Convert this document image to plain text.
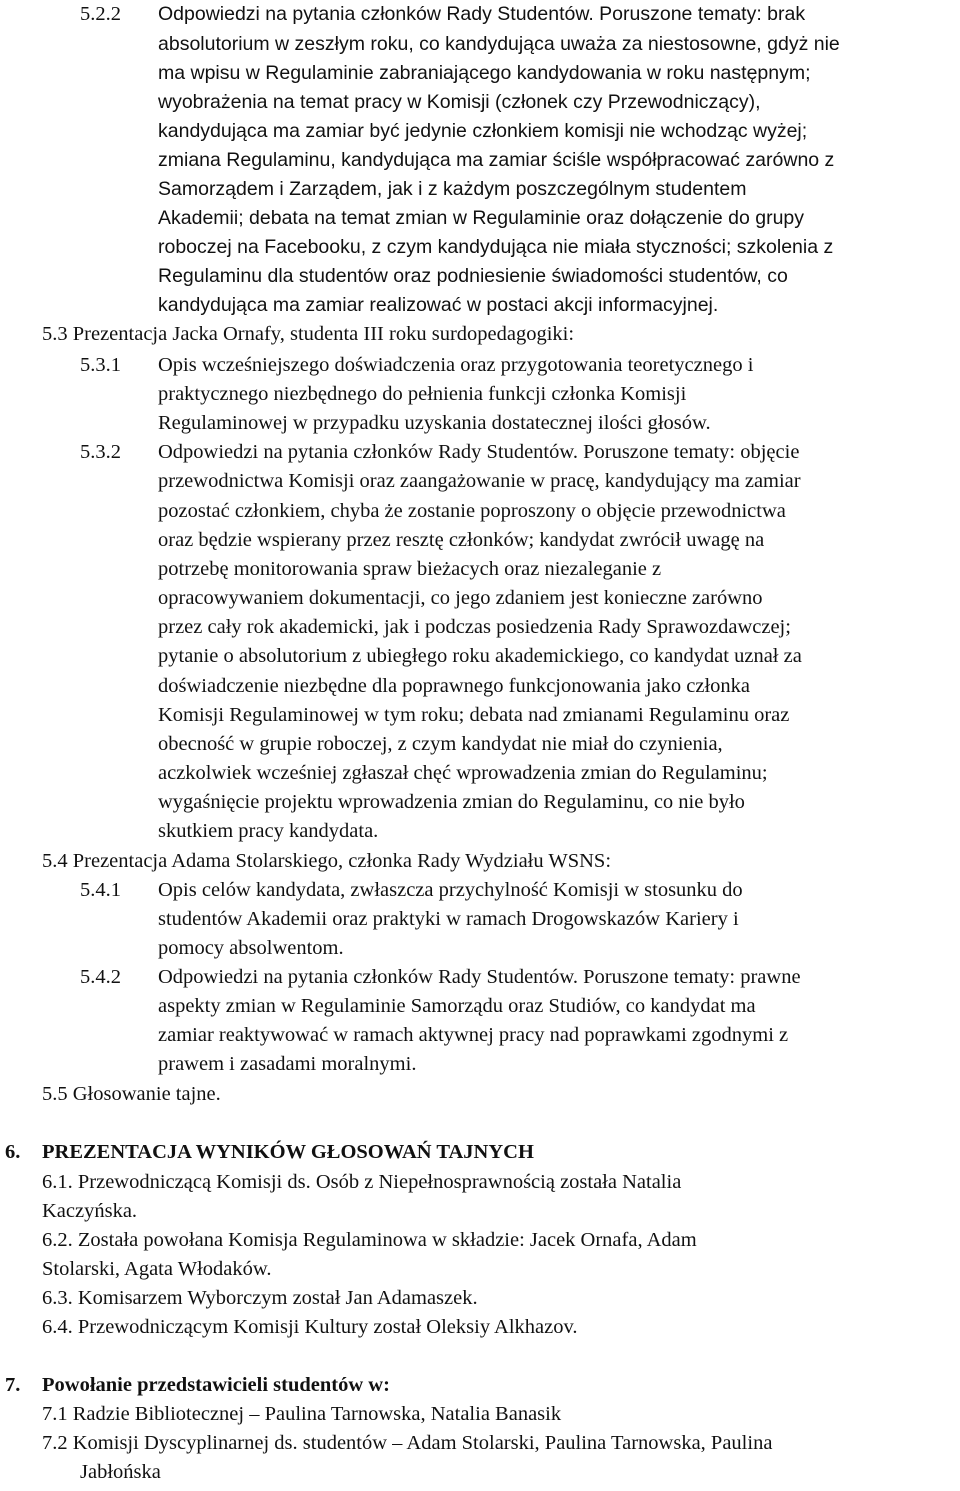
5.2.2 Odpowiedzi na pytania członków Rady Studentów. Poruszone tematy: brak
absolutorium w zeszłym roku, co kandydująca uważa za niestosowne, gdyż nie
ma wpisu w Regulaminie zabraniającego kandydowania w roku następnym;
wyobrażenia na temat pracy w Komisji (członek czy Przewodniczący),
kandydująca ma zamiar być jedynie członkiem komisji nie wchodząc wyżej;
zmiana Regulaminu, kandydująca ma zamiar ściśle współpracować zarówno z
Samorządem i Zarządem, jak i z każdym poszczególnym studentem
Akademii; debata na temat zmian w Regulaminie oraz dołączenie do grupy
roboczej na Facebooku, z czym kandydująca nie miała styczności; szkolenia z
Regulaminu dla studentów oraz podniesienie świadomości studentów, co
kandydująca ma zamiar realizować w postaci akcji informacyjnej.
5.3 Prezentacja Jacka Ornafy, studenta III roku surdopedagogiki:
5.3.1 Opis wcześniejszego doświadczenia oraz przygotowania teoretycznego i
praktycznego niezbędnego do pełnienia funkcji członka Komisji
Regulaminowej w przypadku uzyskania dostatecznej ilości głosów.
5.3.2 Odpowiedzi na pytania członków Rady Studentów. Poruszone tematy: objęcie
przewodnictwa Komisji oraz zaangażowanie w pracę, kandydujący ma zamiar
pozostać członkiem, chyba że zostanie poproszony o objęcie przewodnictwa
oraz będzie wspierany przez resztę członków; kandydat zwrócił uwagę na
potrzebę monitorowania spraw bieżacych oraz niezaleganie z
opracowywaniem dokumentacji, co jego zdaniem jest konieczne zarówno
przez cały rok akademicki, jak i podczas posiedzenia Rady Sprawozdawczej;
pytanie o absolutorium z ubiegłego roku akademickiego, co kandydat uznał za
doświadczenie niezbędne dla poprawnego funkcjonowania jako członka
Komisji Regulaminowej w tym roku; debata nad zmianami Regulaminu oraz
obecność w grupie roboczej, z czym kandydat nie miał do czynienia,
aczkolwiek wcześniej zgłaszał chęć wprowadzenia zmian do Regulaminu;
wygaśnięcie projektu wprowadzenia zmian do Regulaminu, co nie było
skutkiem pracy kandydata.
5.4 Prezentacja Adama Stolarskiego, członka Rady Wydziału WSNS:
5.4.1 Opis celów kandydata, zwłaszcza przychylność Komisji w stosunku do
studentów Akademii oraz praktyki w ramach Drogowskazów Kariery i
pomocy absolwentom.
5.4.2 Odpowiedzi na pytania członków Rady Studentów. Poruszone tematy: prawne
aspekty zmian w Regulaminie Samorządu oraz Studiów, co kandydat ma
zamiar reaktywować w ramach aktywnej pracy nad poprawkami zgodnymi z
prawem i zasadami moralnymi.
5.5 Głosowanie tajne.
6. PREZENTACJA WYNIKÓW GŁOSOWAŃ TAJNYCH
6.1. Przewodniczącą Komisji ds. Osób z Niepełnosprawnością została Natalia
Kaczyńska.
6.2. Została powołana Komisja Regulaminowa w składzie: Jacek Ornafa, Adam
Stolarski, Agata Włodaków.
6.3. Komisarzem Wyborczym został Jan Adamaszek.
6.4. Przewodniczącym Komisji Kultury został Oleksiy Alkhazov.
7. Powołanie przedstawicieli studentów w:
7.1 Radzie Bibliotecznej – Paulina Tarnowska, Natalia Banasik
7.2 Komisji Dyscyplinarnej ds. studentów – Adam Stolarski, Paulina Tarnowska, Paulina
Jabłońska
